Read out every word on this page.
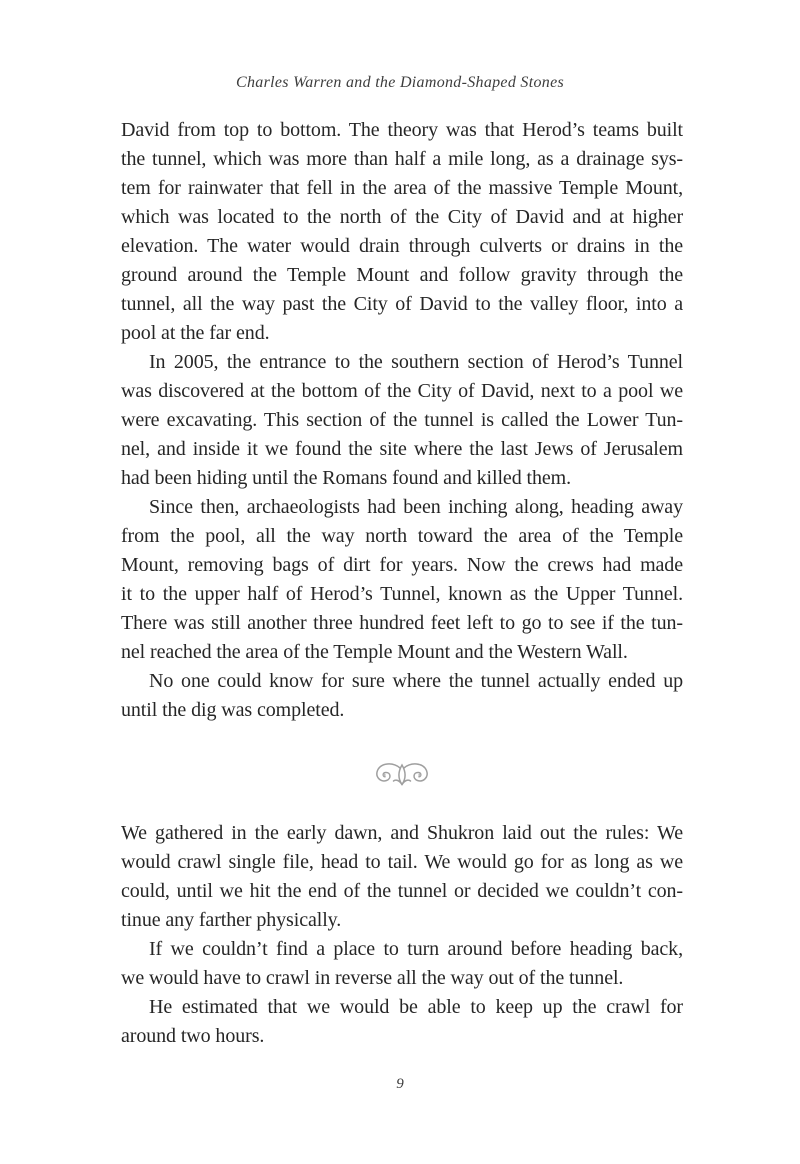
Charles Warren and the Diamond-Shaped Stones
David from top to bottom. The theory was that Herod’s teams built
the tunnel, which was more than half a mile long, as a drainage sys-
tem for rainwater that fell in the area of the massive Temple Mount,
which was located to the north of the City of David and at higher
elevation. The water would drain through culverts or drains in the
ground around the Temple Mount and follow gravity through the
tunnel, all the way past the City of David to the valley floor, into a
pool at the far end.
In 2005, the entrance to the southern section of Herod’s Tunnel
was discovered at the bottom of the City of David, next to a pool we
were excavating. This section of the tunnel is called the Lower Tun-
nel, and inside it we found the site where the last Jews of Jerusalem
had been hiding until the Romans found and killed them.
Since then, archaeologists had been inching along, heading away
from the pool, all the way north toward the area of the Temple
Mount, removing bags of dirt for years. Now the crews had made
it to the upper half of Herod’s Tunnel, known as the Upper Tunnel.
There was still another three hundred feet left to go to see if the tun-
nel reached the area of the Temple Mount and the Western Wall.
No one could know for sure where the tunnel actually ended up
until the dig was completed.
We gathered in the early dawn, and Shukron laid out the rules: We
would crawl single file, head to tail. We would go for as long as we
could, until we hit the end of the tunnel or decided we couldn’t con-
tinue any farther physically.
If we couldn’t find a place to turn around before heading back,
we would have to crawl in reverse all the way out of the tunnel.
He estimated that we would be able to keep up the crawl for
around two hours.
9
